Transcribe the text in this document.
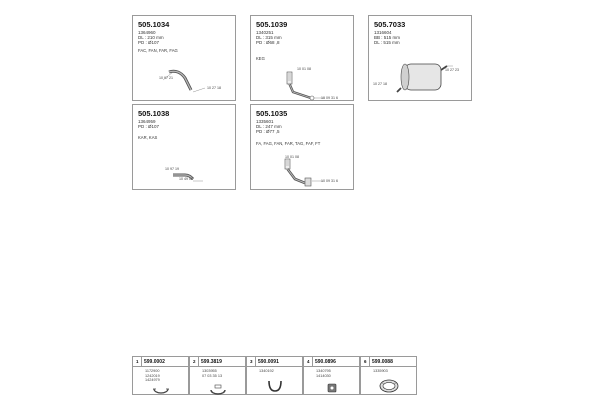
505.1034
1364960
DL : 210 mm
PD : Ø107
FAC, FAN, FAR, FAG
10 97 21
10 27 18
505.1039
1340251
DL : 315 mm
PD : Ø68 ,8
KEG
10 01 08
10 09 31 6
505.7033
1316604
BB : 515 mm
DL : 515 mm
10 27 23
10 27 18
505.1038
1364959
PD : Ø107
KAR, KAS
10 97 19
10 49 05
505.1035
1335601
DL : 247 mm
PD : Ø77 ,5
FA, FAG, FAN, FAR, TAG, FAF, FT
10 01 08
10 09 31 6
1 599.0002
1172900
1242019
1424979
2 599.3819
1303955
07 03 35 13
3 590.0091
1340192
4 590.0896
1340795
1414030
6 599.0088
1335903
